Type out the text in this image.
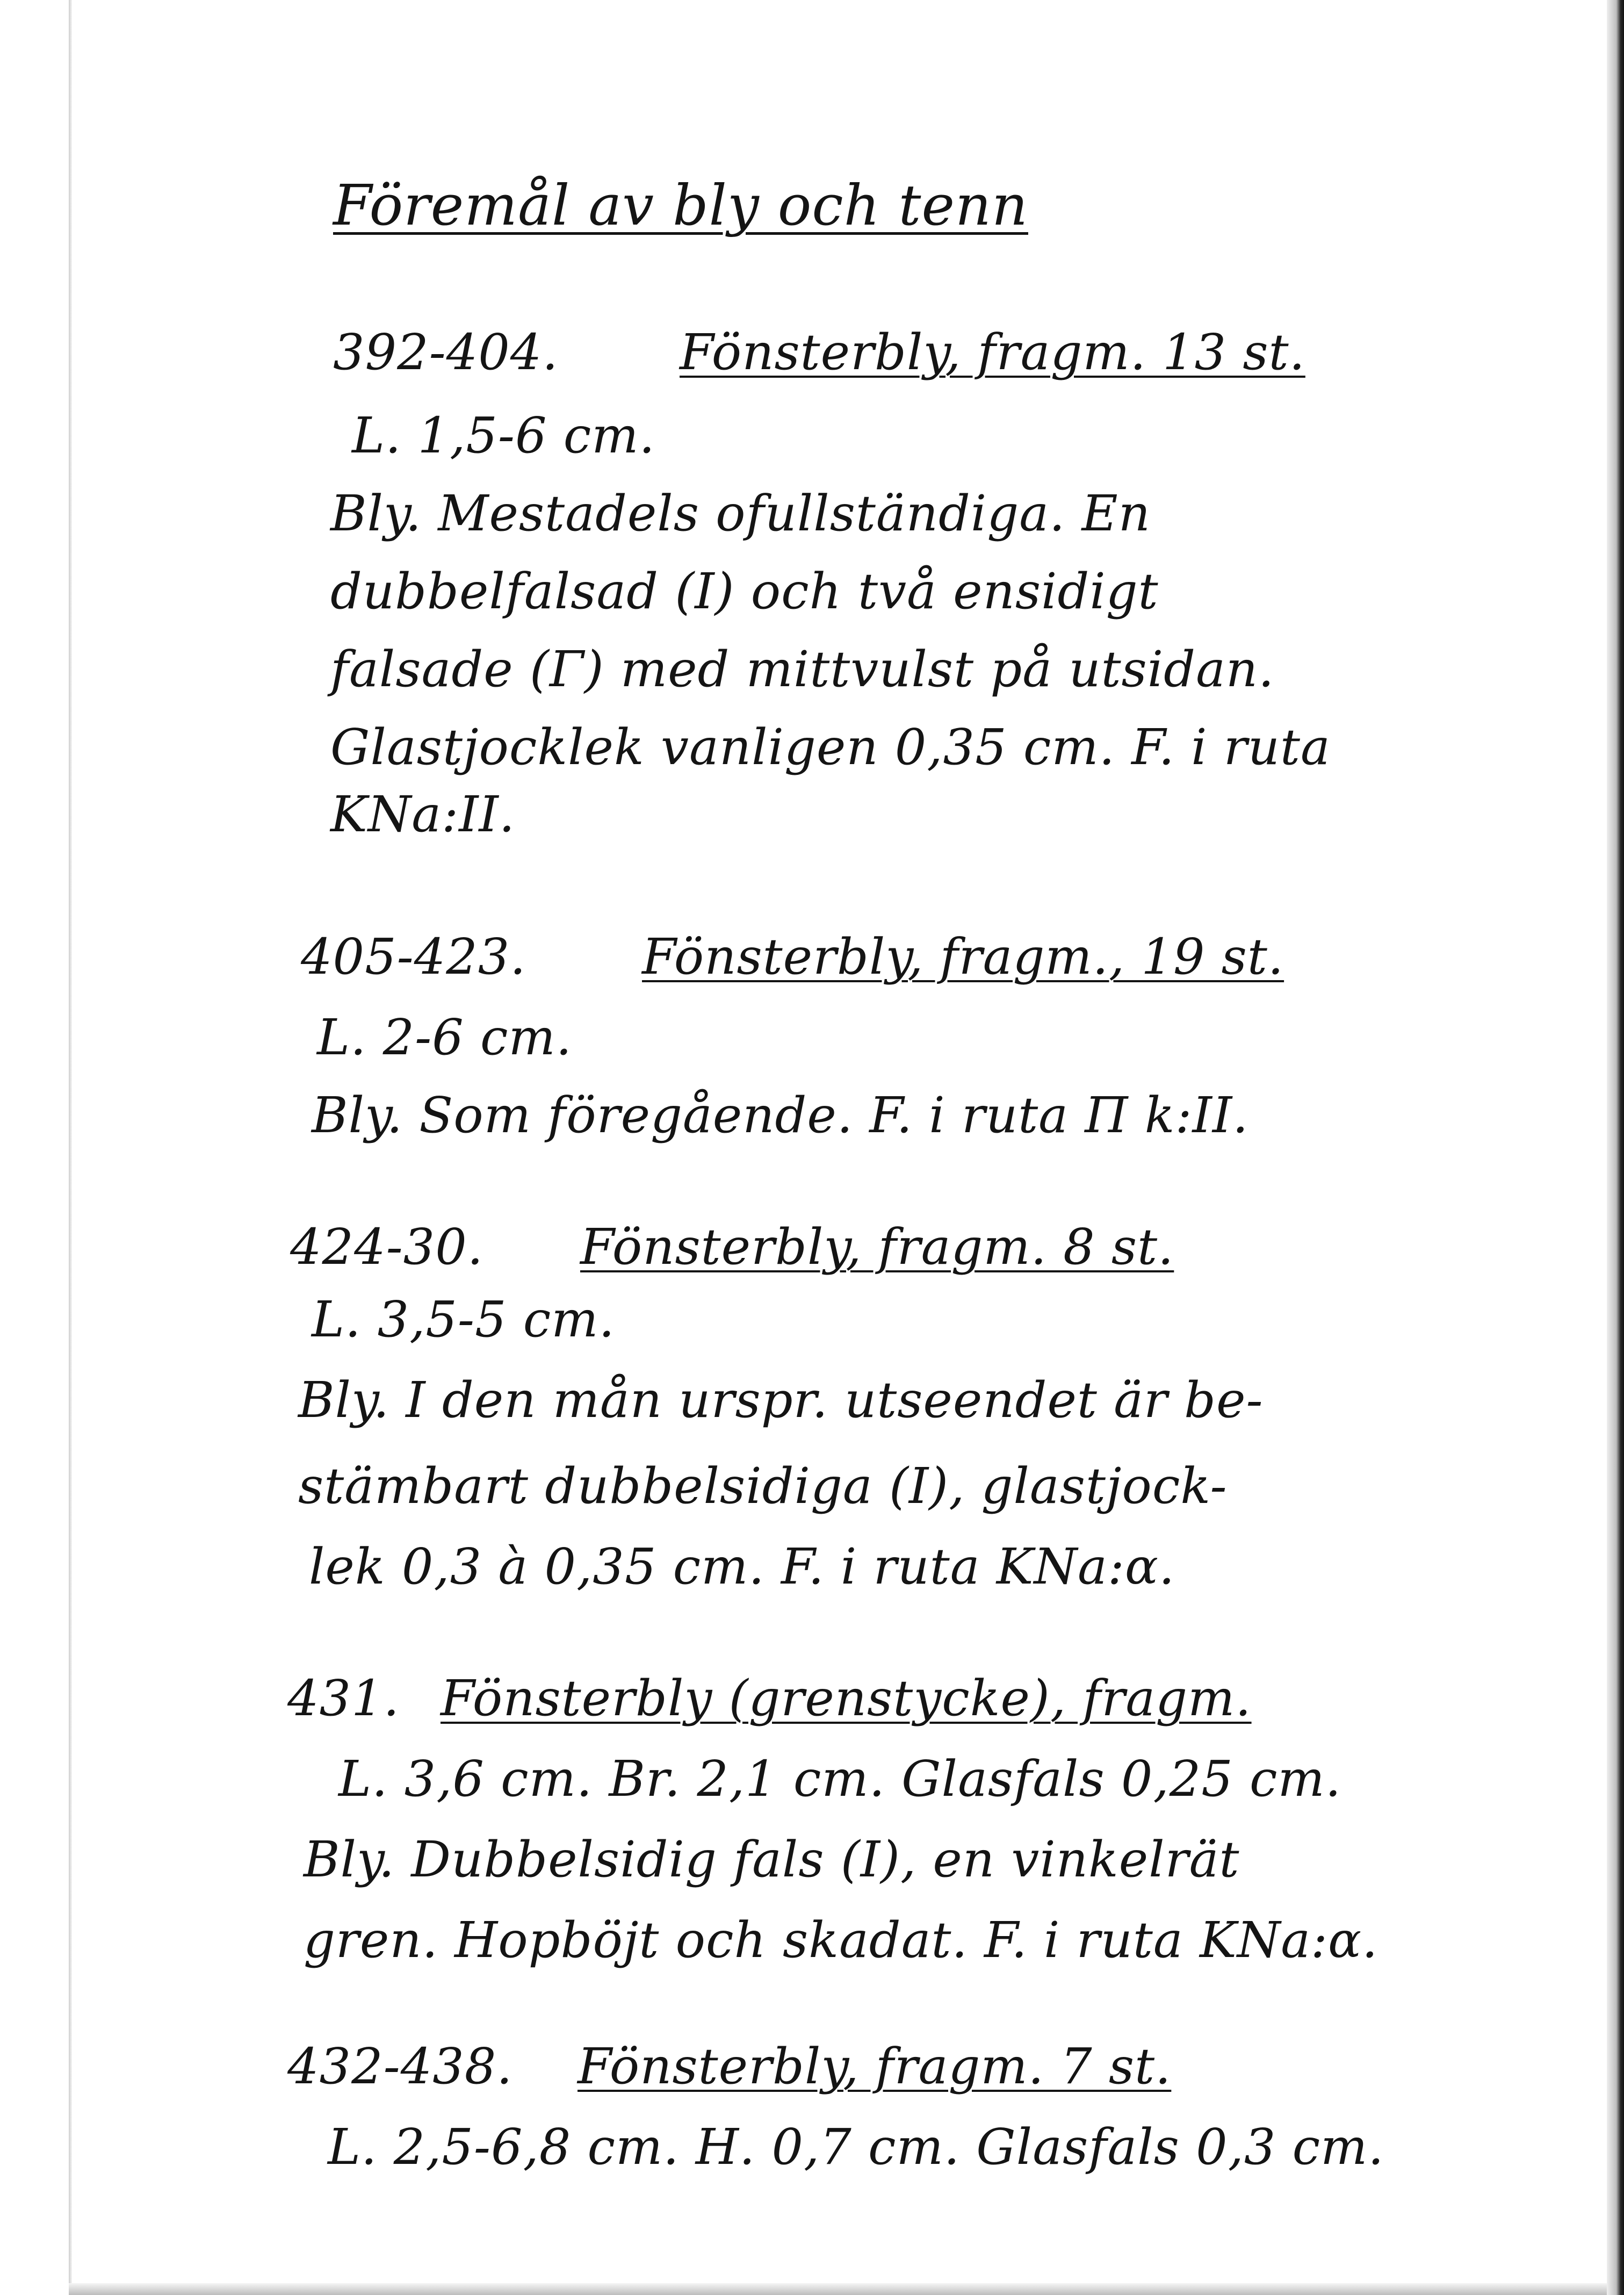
Föremål av bly och tenn
392-404. Fönsterbly, fragm. 13 st.
L. 1,5-6 cm.
Bly. Mestadels ofullständiga. En
dubbelfalsad (I) och två ensidigt
falsade (Γ) med mittvulst på utsidan.
Glastjocklek vanligen 0,35 cm. F. i ruta
KNa:II.
405-423. Fönsterbly, fragm., 19 st.
L. 2-6 cm.
Bly. Som föregående. F. i ruta Π k:II.
424-30. Fönsterbly, fragm. 8 st.
L. 3,5-5 cm.
Bly. I den mån urspr. utseendet är be-
stämbart dubbelsidiga (I), glastjock-
lek 0,3 à 0,35 cm. F. i ruta KNa:α.
431. Fönsterbly (grenstycke), fragm.
L. 3,6 cm. Br. 2,1 cm. Glasfals 0,25 cm.
Bly. Dubbelsidig fals (I), en vinkelrät
gren. Hopböjt och skadat. F. i ruta KNa:α.
432-438. Fönsterbly, fragm. 7 st.
L. 2,5-6,8 cm. H. 0,7 cm. Glasfals 0,3 cm.
